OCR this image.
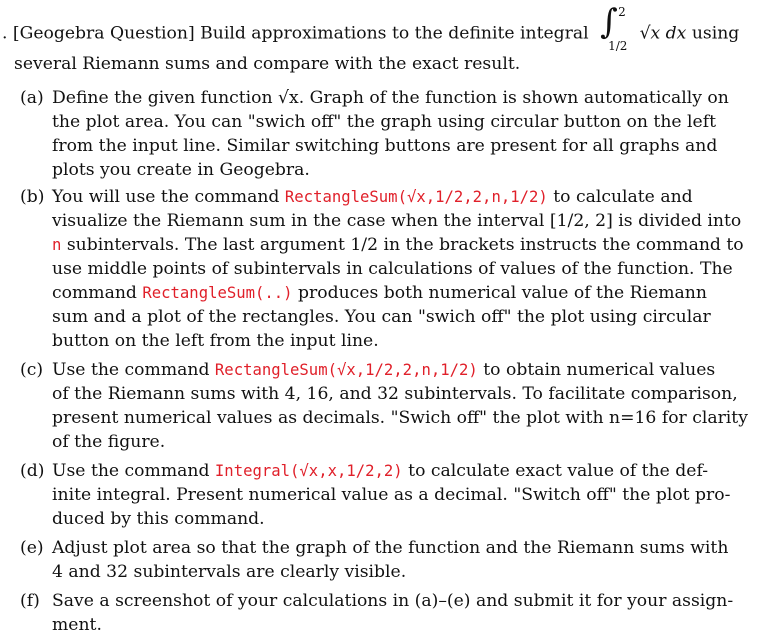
. [Geogebra Question] Build approximations to the definite integral ∫ 2
1/2
√x dx using
several Riemann sums and compare with the exact result.
(a) Define the given function √x. Graph of the function is shown automatically on
the plot area. You can "swich off" the graph using circular button on the left
from the input line. Similar switching buttons are present for all graphs and
plots you create in Geogebra.
(b) You will use the command RectangleSum(√x,1/2,2,n,1/2) to calculate and
visualize the Riemann sum in the case when the interval [1/2, 2] is divided into
n subintervals. The last argument 1/2 in the brackets instructs the command to
use middle points of subintervals in calculations of values of the function. The
command RectangleSum(..) produces both numerical value of the Riemann
sum and a plot of the rectangles. You can "swich off" the plot using circular
button on the left from the input line.
(c) Use the command RectangleSum(√x,1/2,2,n,1/2) to obtain numerical values
of the Riemann sums with 4, 16, and 32 subintervals. To facilitate comparison,
present numerical values as decimals. "Swich off" the plot with n=16 for clarity
of the figure.
(d) Use the command Integral(√x,x,1/2,2) to calculate exact value of the def-
inite integral. Present numerical value as a decimal. "Switch off" the plot pro-
duced by this command.
(e) Adjust plot area so that the graph of the function and the Riemann sums with
4 and 32 subintervals are clearly visible.
(f) Save a screenshot of your calculations in (a)–(e) and submit it for your assign-
ment.
